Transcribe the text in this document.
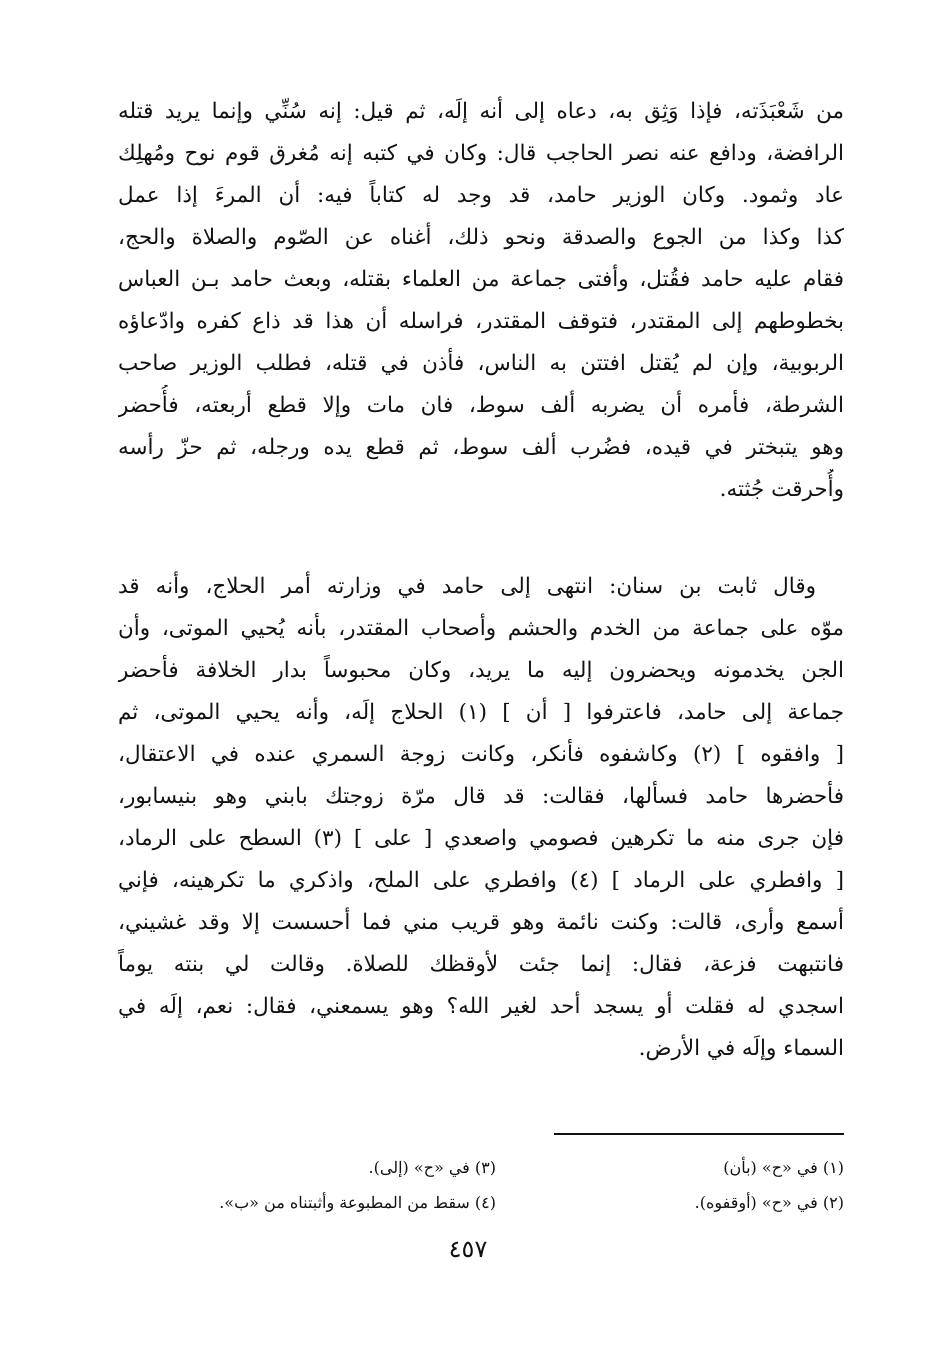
من شَعْبَذَته، فإذا وَثِق به، دعاه إلى أنه إلَه، ثم قيل: إنه سُنِّي وإنما يريد قتله
الرافضة، ودافع عنه نصر الحاجب قال: وكان في كتبه إنه مُغرق قوم نوح ومُهلِك
عاد وثمود. وكان الوزير حامد، قد وجد له كتاباً فيه: أن المرءَ إذا عمل
كذا وكذا من الجوع والصدقة ونحو ذلك، أغناه عن الصّوم والصلاة والحج،
فقام عليه حامد فقُتل، وأفتى جماعة من العلماء بقتله، وبعث حامد بـن العباس
بخطوطهم إلى المقتدر، فتوقف المقتدر، فراسله أن هذا قد ذاع كفره وادّعاؤه
الربوبية، وإن لم يُقتل افتتن به الناس، فأذن في قتله، فطلب الوزير صاحب
الشرطة، فأمره أن يضربه ألف سوط، فان مات وإلا قطع أربعته، فأُحضر
وهو يتبختر في قيده، فضُرب ألف سوط، ثم قطع يده ورجله، ثم حزّ رأسه
وأُحرقت جُثته.
وقال ثابت بن سنان: انتهى إلى حامد في وزارته أمر الحلاج، وأنه قد
موّه على جماعة من الخدم والحشم وأصحاب المقتدر، بأنه يُحيي الموتى، وأن
الجن يخدمونه ويحضرون إليه ما يريد، وكان محبوساً بدار الخلافة فأحضر
جماعة إلى حامد، فاعترفوا [ أن ] (١) الحلاج إلَه، وأنه يحيي الموتى، ثم
[ وافقوه ] (٢) وكاشفوه فأنكر، وكانت زوجة السمري عنده في الاعتقال،
فأحضرها حامد فسألها، فقالت: قد قال مرّة زوجتك بابني وهو بنيسابور،
فإن جرى منه ما تكرهين فصومي واصعدي [ على ] (٣) السطح على الرماد،
[ وافطري على الرماد ] (٤) وافطري على الملح، واذكري ما تكرهينه، فإني
أسمع وأرى، قالت: وكنت نائمة وهو قريب مني فما أحسست إلا وقد غشيني،
فانتبهت فزعة، فقال: إنما جئت لأوقظك للصلاة. وقالت لي بنته يوماً
اسجدي له فقلت أو يسجد أحد لغير الله؟ وهو يسمعني، فقال: نعم، إلَه في
السماء وإلَه في الأرض.
(١) في «ح» (بأن)
(٢) في «ح» (أوقفوه).
(٣) في «ح» (إلى).
(٤) سقط من المطبوعة وأثبتناه من «ب».
٤٥٧
